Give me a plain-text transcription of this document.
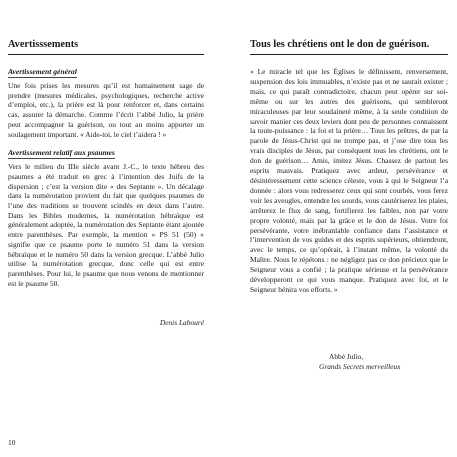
Avertisssements
Avertissement général

Une fois prises les mesures qu’il est humainement sage de prendre (mesures médicales, psychologiques, recherche active d’emploi, etc.), la prière est là pour renforcer et, dans certains cas, assurer la démarche. Comme l’écrit l’abbé Julio, la prière peut accompagner la guérison, ou tout au moins apporter un soulagement important. « Aide-toi, le ciel t’aidera ! »

Avertissement relatif aux psaumes

Vers le milieu du IIIe siècle avant J.-C., le texte hébreu des psaumes a été traduit en grec à l’intention des Juifs de la dispersion ; c’est la version dite « des Septante ». Un décalage dans la numérotation provient du fait que quelques psaumes de l’une des traditions se trouvent scindés en deux dans l’autre. Dans les Bibles modernes, la numérotation hébraïque est généralement adoptée, la numérotation des Septante étant ajoutée entre parenthèses. Par exemple, la mention « PS 51 (50) » signifie que ce psaume porte le numéro 51 dans la version hébraïque et le numéro 50 dans la version grecque. L’abbé Julio utilise la numérotation grecque, donc celle qui est entre parenthèses. Pour lui, le psaume que nous venons de mentionner est le psaume 50.

Denis Labouré
Tous les chrétiens ont le don de guérison.

« Le miracle tel que les Églises le définissent, renversement, suspension des lois immuables, n’existe pas et ne saurait exister ; mais, ce qui paraît contradictoire, chacun peut opérer sur soi-même ou sur les autres des guérisons, qui sembleront miraculeuses par leur soudaineté même, à la seule condition de savoir manier ces deux leviers dont peu de personnes connaissent la toute-puissance : la foi et la prière… Tous les prêtres, de par la parole de Jésus-Christ qui ne trompe pas, et j’ose dire tous les vrais disciples de Jésus, par conséquent tous les chrétiens, ont le don de guérison… Amis, imitez Jésus. Chassez de partout les esprits mauvais. Pratiquez avec ardeur, persévérance et désintéressement cette science céleste, vous à qui le Seigneur l’a donnée : alors vous redresserez ceux qui sont courbés, vous ferez voir les aveugles, entendre les sourds, vous cautériserez les plaies, arrêterez le flux de sang, fortifierez les faibles, non par votre propre volonté, mais par la grâce et le don de Jésus. Votre foi persévérante, votre inébranlable confiance dans l’assistance et l’intervention de vos guides et des esprits supérieurs, obtiendront, avec le temps, ce qu’opérait, à l’instant même, la volonté du Maître. Nous le répétons : ne négligez pas ce don précieux que le Seigneur vous a confié ; la pratique sérieuse et la persévérance développeront ce qui vous manque. Pratiquez avec foi, et le Seigneur bénira vos efforts. »

Abbé Julio,
Grands Secrets merveilleux
10
